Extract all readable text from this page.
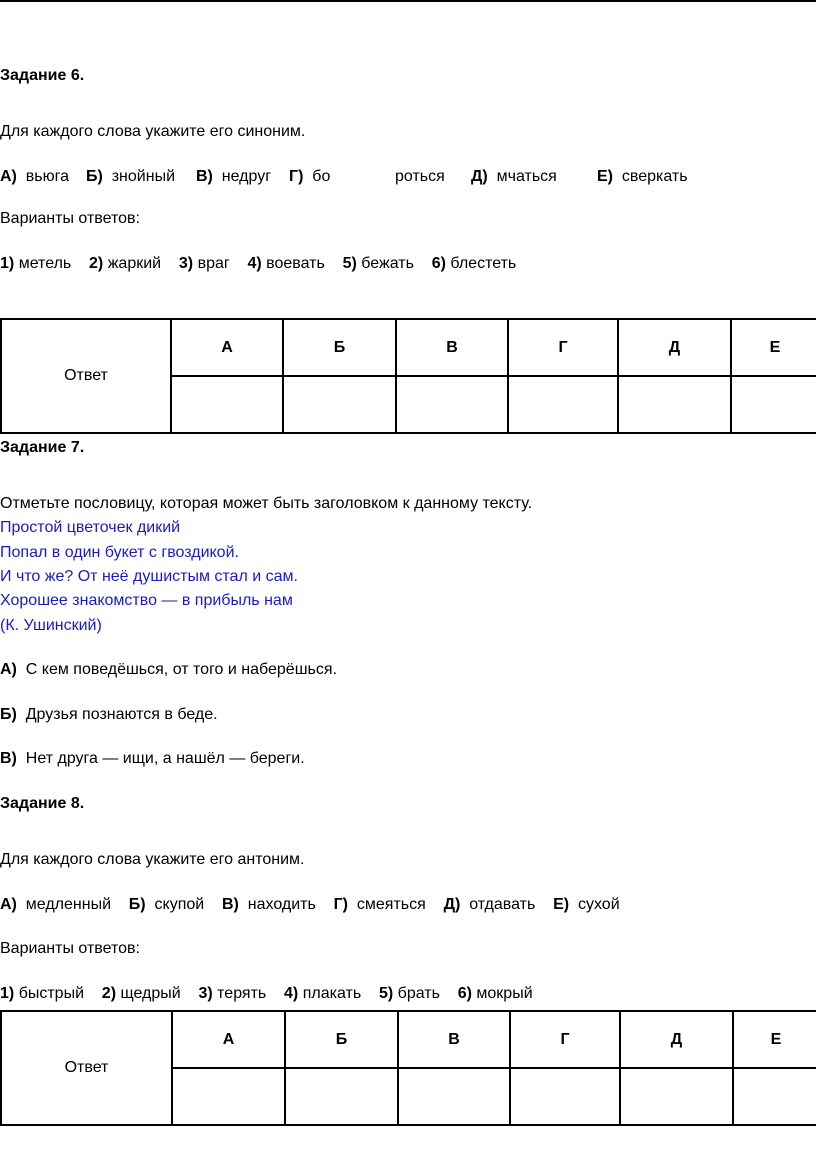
Задание 6.
Для каждого слова укажите его синоним.
А) вьюга Б) знойный В) недруг Г) бо	роться Д) мчаться	Е) сверкать
Варианты ответов:
1) метель 2) жаркий 3) враг 4) воевать 5) бежать 6) блестеть
Ответ	А	Б	В	Г	Д	Е

Задание 7.
Отметьте пословицу, которая может быть заголовком к данному тексту.
Простой цветочек дикий
Попал в один букет с гвоздикой.
И что же? От неё душистым стал и сам.
Хорошее знакомство — в прибыль нам
(К. Ушинский)
А) С кем поведёшься, от того и наберёшься.
Б) Друзья познаются в беде.
В) Нет друга — ищи, а нашёл — береги.
Задание 8.
Для каждого слова укажите его антоним.
А) медленный Б) скупой В) находить Г) смеяться Д) отдавать Е) сухой
Варианты ответов:
1) быстрый 2) щедрый 3) терять 4) плакать 5) брать 6) мокрый
Ответ	А	Б	В	Г	Д	Е
